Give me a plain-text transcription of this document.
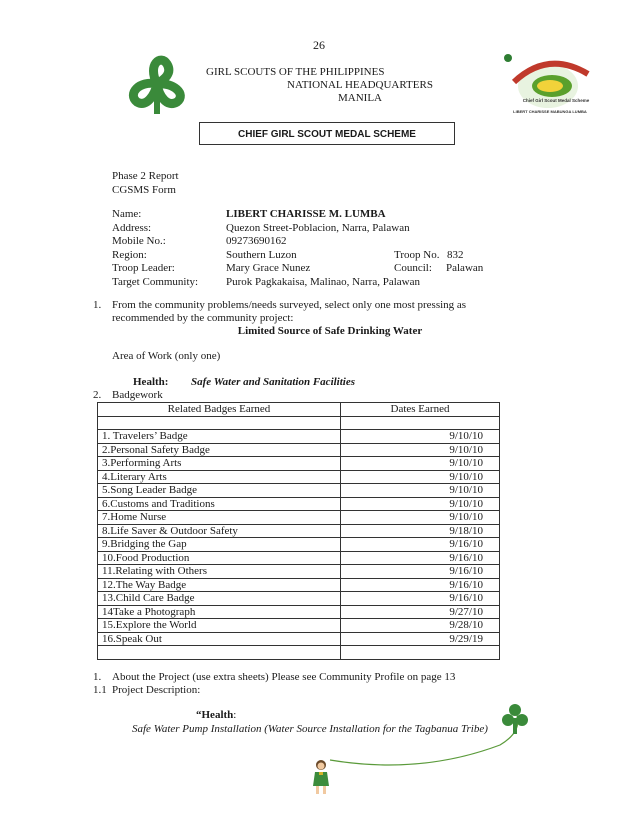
26
GIRL SCOUTS OF THE PHILIPPINES
NATIONAL HEADQUARTERS
MANILA	Chief Girl Scout Medal Scheme
LIBERT CHARISSE MABUNGA LUMBA
CHIEF GIRL SCOUT MEDAL SCHEME
Phase 2 Report
CGSMS Form
Name:	LIBERT CHARISSE M. LUMBA
Address:	Quezon Street-Poblacion, Narra, Palawan
Mobile No.:	09273690162
Region:	Southern Luzon	Troop No. 832
Troop Leader:	Mary Grace Nunez	Council: Palawan
Target Community:	Purok Pagkakaisa, Malinao, Narra, Palawan
1. From the community problems/needs surveyed, select only one most pressing as
recommended by the community project:
Limited Source of Safe Drinking Water
Area of Work (only one)
Health: Safe Water and Sanitation Facilities
2. Badgework
Related Badges Earned	Dates Earned

1. Travelers’ Badge	9/10/10
2.Personal Safety Badge	9/10/10
3.Performing Arts	9/10/10
4.Literary Arts	9/10/10
5.Song Leader Badge	9/10/10
6.Customs and Traditions	9/10/10
7.Home Nurse	9/10/10
8.Life Saver & Outdoor Safety	9/18/10
9.Bridging the Gap	9/16/10
10.Food Production	9/16/10
11.Relating with Others	9/16/10
12.The Way Badge	9/16/10
13.Child Care Badge	9/16/10
14Take a Photograph	9/27/10
15.Explore the World	9/28/10
16.Speak Out	9/29/19

1. About the Project (use extra sheets) Please see Community Profile on page 13
1.1 Project Description:
“Health:
Safe Water Pump Installation (Water Source Installation for the Tagbanua Tribe)
